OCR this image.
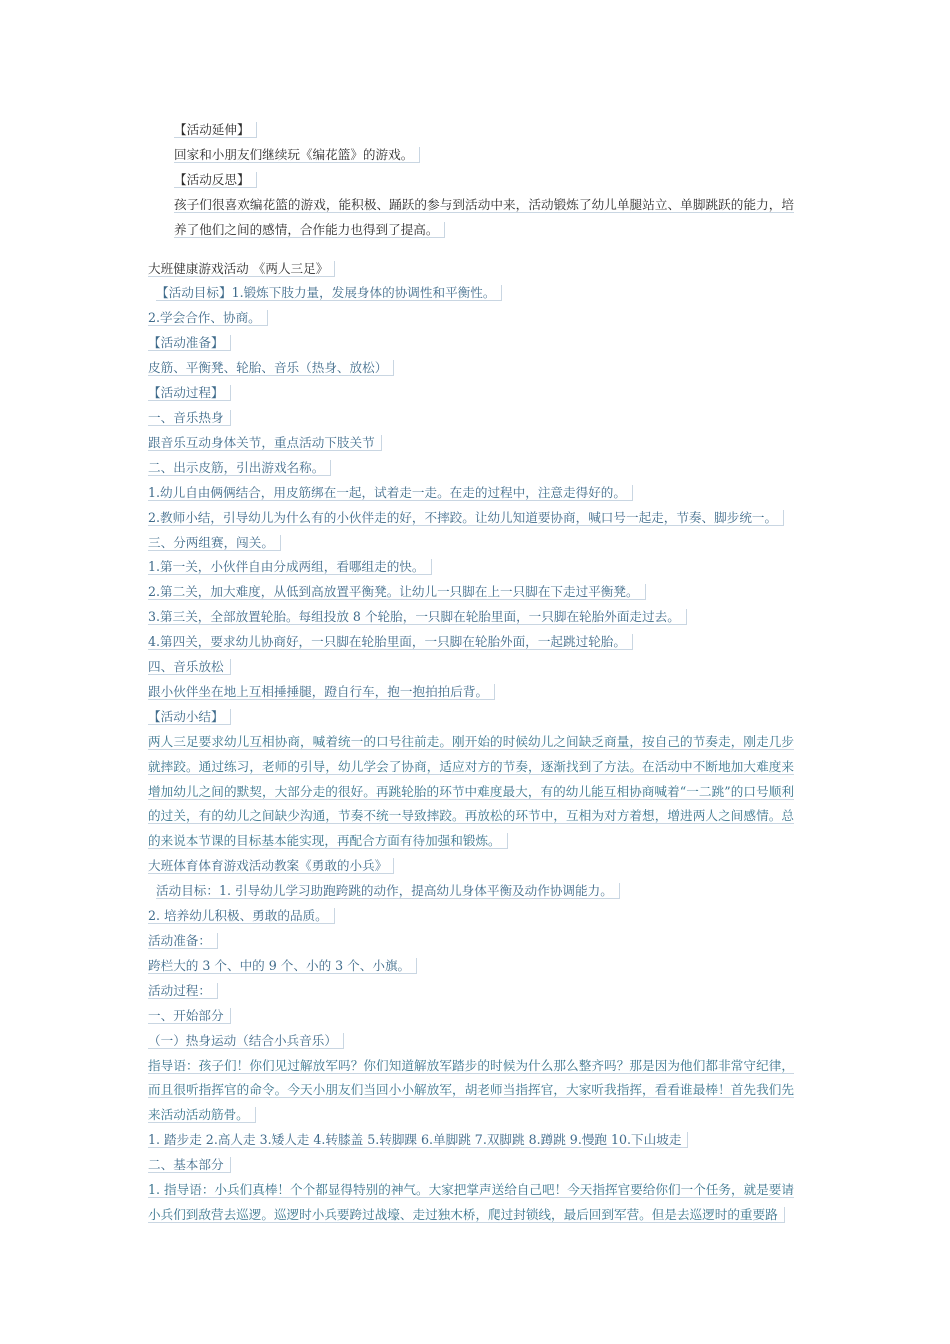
【活动延伸】
回家和小朋友们继续玩《编花篮》的游戏。
【活动反思】
孩子们很喜欢编花篮的游戏，能积极、踊跃的参与到活动中来，活动锻炼了幼儿单腿站立、单脚跳跃的能力，培养了他们之间的感情，合作能力也得到了提高。
大班健康游戏活动 《两人三足》
【活动目标】1.锻炼下肢力量，发展身体的协调性和平衡性。
2.学会合作、协商。
【活动准备】
皮筋、平衡凳、轮胎、音乐（热身、放松）
【活动过程】
一、音乐热身
跟音乐互动身体关节，重点活动下肢关节
二、出示皮筋，引出游戏名称。
1.幼儿自由俩俩结合，用皮筋绑在一起，试着走一走。在走的过程中，注意走得好的。
2.教师小结，引导幼儿为什么有的小伙伴走的好，不摔跤。让幼儿知道要协商，喊口号一起走，节奏、脚步统一。
三、分两组赛，闯关。
1.第一关，小伙伴自由分成两组，看哪组走的快。
2.第二关，加大难度，从低到高放置平衡凳。让幼儿一只脚在上一只脚在下走过平衡凳。
3.第三关，全部放置轮胎。每组投放 8 个轮胎，一只脚在轮胎里面，一只脚在轮胎外面走过去。
4.第四关，要求幼儿协商好，一只脚在轮胎里面，一只脚在轮胎外面，一起跳过轮胎。
四、音乐放松
跟小伙伴坐在地上互相捶捶腿，蹬自行车，抱一抱拍拍后背。
【活动小结】
两人三足要求幼儿互相协商，喊着统一的口号往前走。刚开始的时候幼儿之间缺乏商量，按自己的节奏走，刚走几步就摔跤。通过练习，老师的引导，幼儿学会了协商，适应对方的节奏，逐渐找到了方法。在活动中不断地加大难度来增加幼儿之间的默契，大部分走的很好。再跳轮胎的环节中难度最大，有的幼儿能互相协商喊着“一二跳”的口号顺利的过关，有的幼儿之间缺少沟通，节奏不统一导致摔跤。再放松的环节中，互相为对方着想，增进两人之间感情。总的来说本节课的目标基本能实现，再配合方面有待加强和锻炼。
大班体育体育游戏活动教案《勇敢的小兵》
活动目标：1. 引导幼儿学习助跑跨跳的动作，提高幼儿身体平衡及动作协调能力。
2. 培养幼儿积极、勇敢的品质。
活动准备：
跨栏大的 3 个、中的 9 个、小的 3 个、小旗。
活动过程：
一、开始部分
（一）热身运动（结合小兵音乐）
指导语：孩子们！你们见过解放军吗？你们知道解放军踏步的时候为什么那么整齐吗？那是因为他们都非常守纪律，而且很听指挥官的命令。今天小朋友们当回小小解放军，胡老师当指挥官，大家听我指挥，看看谁最棒！首先我们先来活动活动筋骨。
1. 踏步走 2.高人走 3.矮人走 4.转膝盖 5.转脚踝 6.单脚跳 7.双脚跳 8.蹲跳 9.慢跑 10.下山坡走
二、基本部分
1. 指导语：小兵们真棒！个个都显得特别的神气。大家把掌声送给自己吧！今天指挥官要给你们一个任务，就是要请小兵们到敌营去巡逻。巡逻时小兵要跨过战壕、走过独木桥，爬过封锁线，最后回到军营。但是去巡逻时的重要路
